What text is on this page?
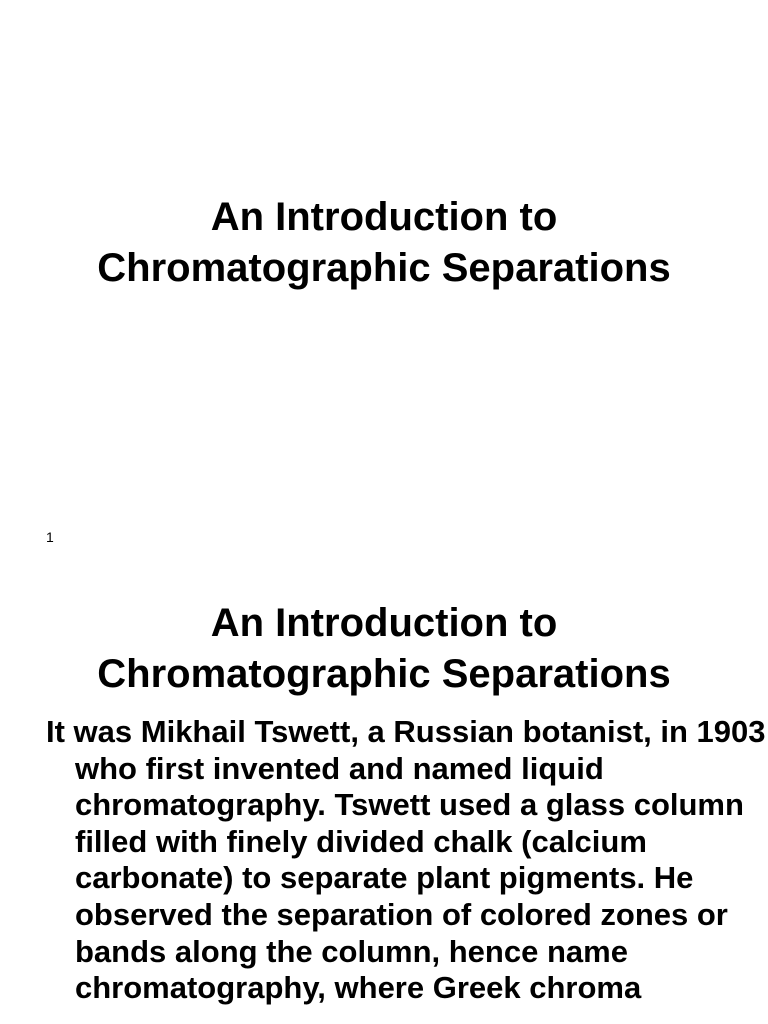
An Introduction to
Chromatographic Separations
1
An Introduction to
Chromatographic Separations

It was Mikhail Tswett, a Russian botanist, in 1903 who first invented and named liquid chromatography. Tswett used a glass column filled with finely divided chalk (calcium carbonate) to separate plant pigments. He observed the separation of colored zones or bands along the column, hence name chromatography, where Greek chroma
